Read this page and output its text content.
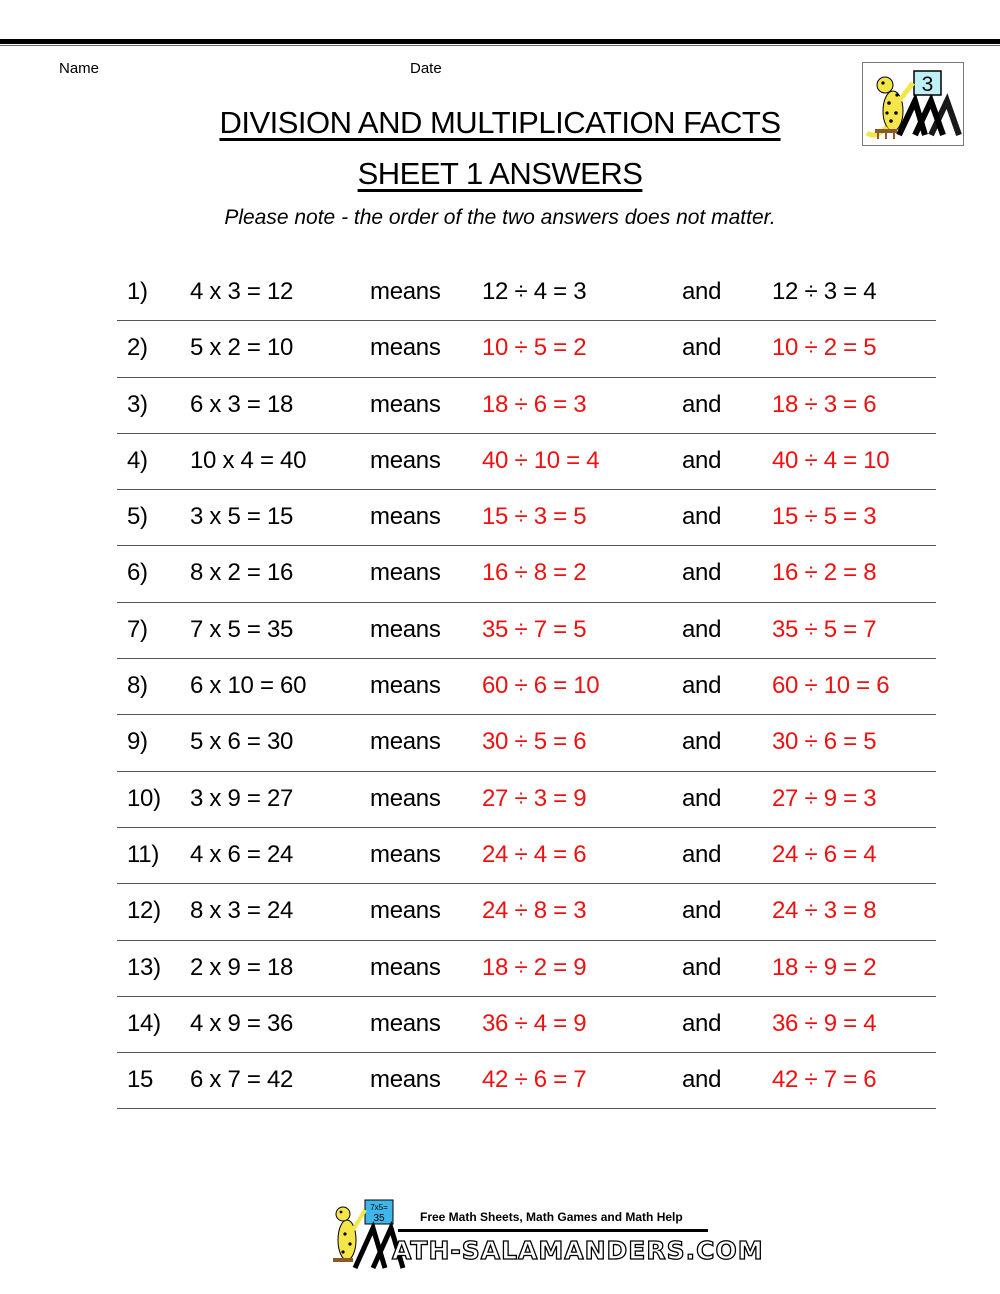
Name	Date
3
DIVISION AND MULTIPLICATION FACTS
SHEET 1 ANSWERS
Please note - the order of the two answers does not matter.
1) 4 x 3 = 12	means 12 ÷ 4 = 3	and 12 ÷ 3 = 4
2) 5 x 2 = 10	means 10 ÷ 5 = 2	and 10 ÷ 2 = 5
3) 6 x 3 = 18	means 18 ÷ 6 = 3	and 18 ÷ 3 = 6
4) 10 x 4 = 40	means 40 ÷ 10 = 4	and 40 ÷ 4 = 10
5) 3 x 5 = 15	means 15 ÷ 3 = 5	and 15 ÷ 5 = 3
6) 8 x 2 = 16	means 16 ÷ 8 = 2	and 16 ÷ 2 = 8
7) 7 x 5 = 35	means 35 ÷ 7 = 5	and 35 ÷ 5 = 7
8) 6 x 10 = 60	means 60 ÷ 6 = 10	and 60 ÷ 10 = 6
9) 5 x 6 = 30	means 30 ÷ 5 = 6	and 30 ÷ 6 = 5
10) 3 x 9 = 27	means 27 ÷ 3 = 9	and 27 ÷ 9 = 3
11) 4 x 6 = 24	means 24 ÷ 4 = 6	and 24 ÷ 6 = 4
12) 8 x 3 = 24	means 24 ÷ 8 = 3	and 24 ÷ 3 = 8
13) 2 x 9 = 18	means 18 ÷ 2 = 9	and 18 ÷ 9 = 2
14) 4 x 9 = 36	means 36 ÷ 4 = 9	and 36 ÷ 9 = 4
15 6 x 7 = 42	means 42 ÷ 6 = 7	and 42 ÷ 7 = 6
7x5=
35	Free Math Sheets, Math Games and Math Help
ATH-SALAMANDERS.COM
